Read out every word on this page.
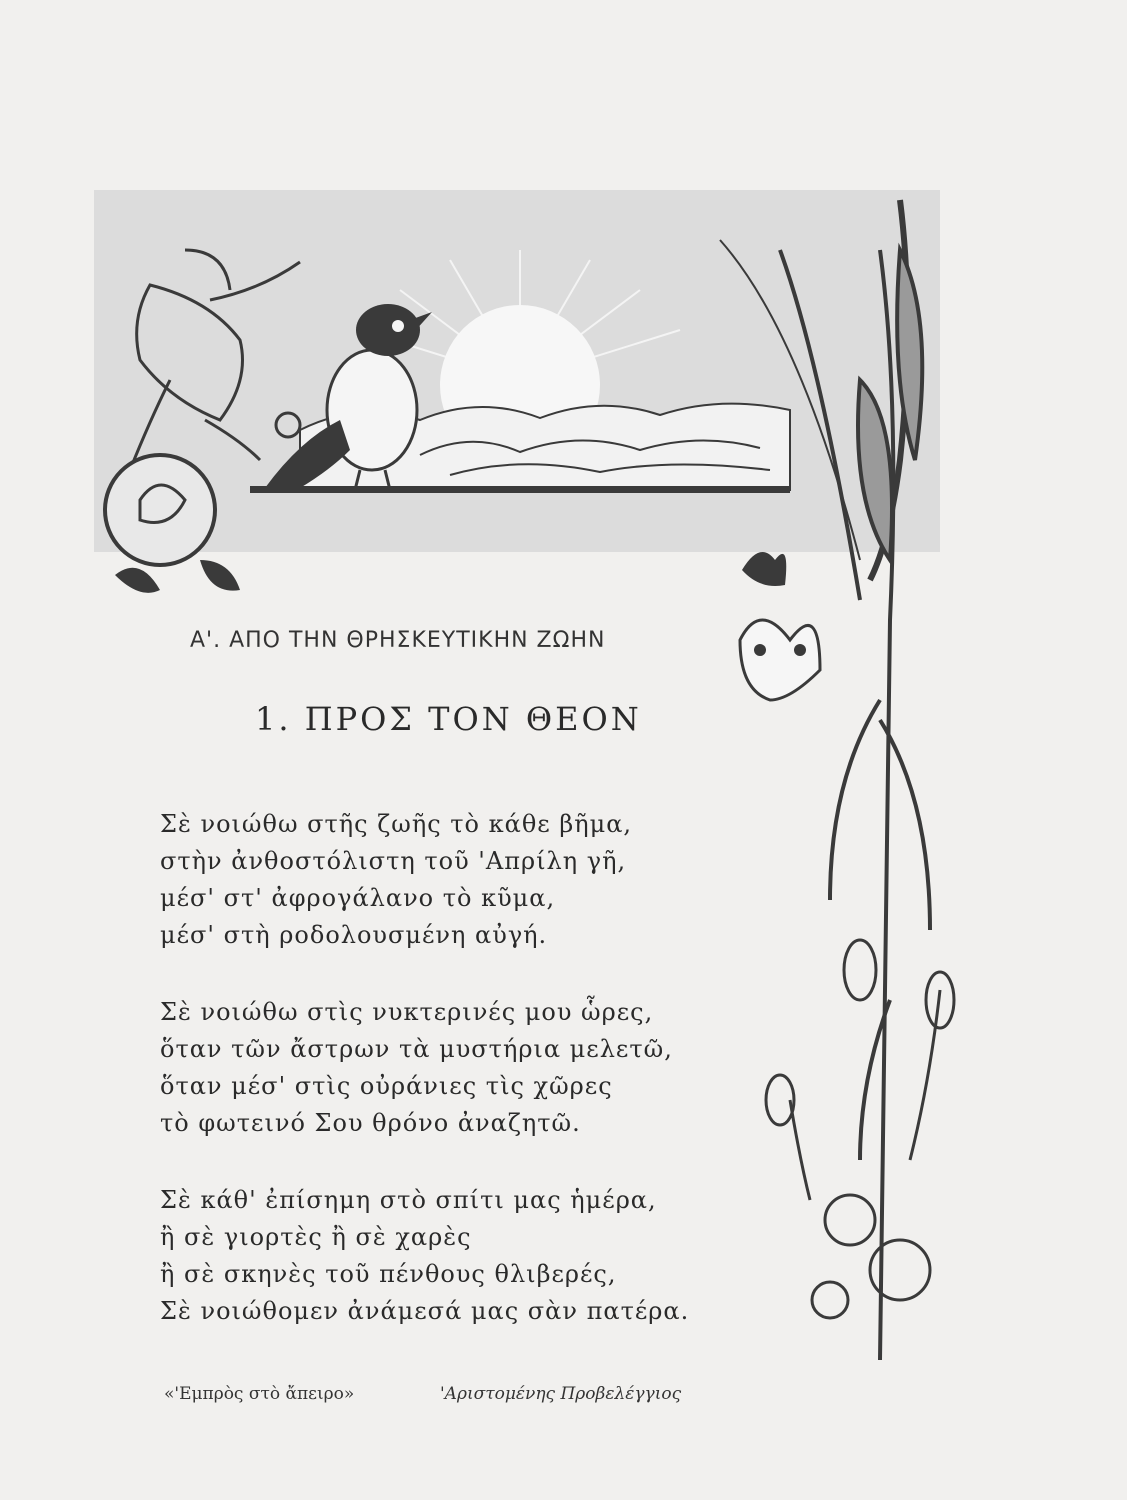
Α'. ΑΠΟ ΤΗΝ ΘΡΗΣΚΕΥΤΙΚΗΝ ΖΩΗΝ
1. ΠΡΟΣ ΤΟΝ ΘΕΟΝ
Σὲ νοιώθω στῆς ζωῆς τὸ κάθε βῆμα,
στὴν ἀνθοστόλιστη τοῦ 'Απρίλη γῆ,
μέσ' στ' ἀφρογάλανο τὸ κῦμα,
μέσ' στὴ ροδολουσμένη αὐγή.
Σὲ νοιώθω στὶς νυκτερινές μου ὧρες,
ὅταν τῶν ἄστρων τὰ μυστήρια μελετῶ,
ὅταν μέσ' στὶς οὐράνιες τὶς χῶρες
τὸ φωτεινό Σου θρόνο ἀναζητῶ.
Σὲ κάθ' ἐπίσημη στὸ σπίτι μας ἡμέρα,
ἢ σὲ γιορτὲς ἢ σὲ χαρὲς
ἢ σὲ σκηνὲς τοῦ πένθους θλιβερές,
Σὲ νοιώθομεν ἀνάμεσά μας σὰν πατέρα.
«'Εμπρὸς στὸ ἄπειρο»	'Αριστομένης Προβελέγγιος
